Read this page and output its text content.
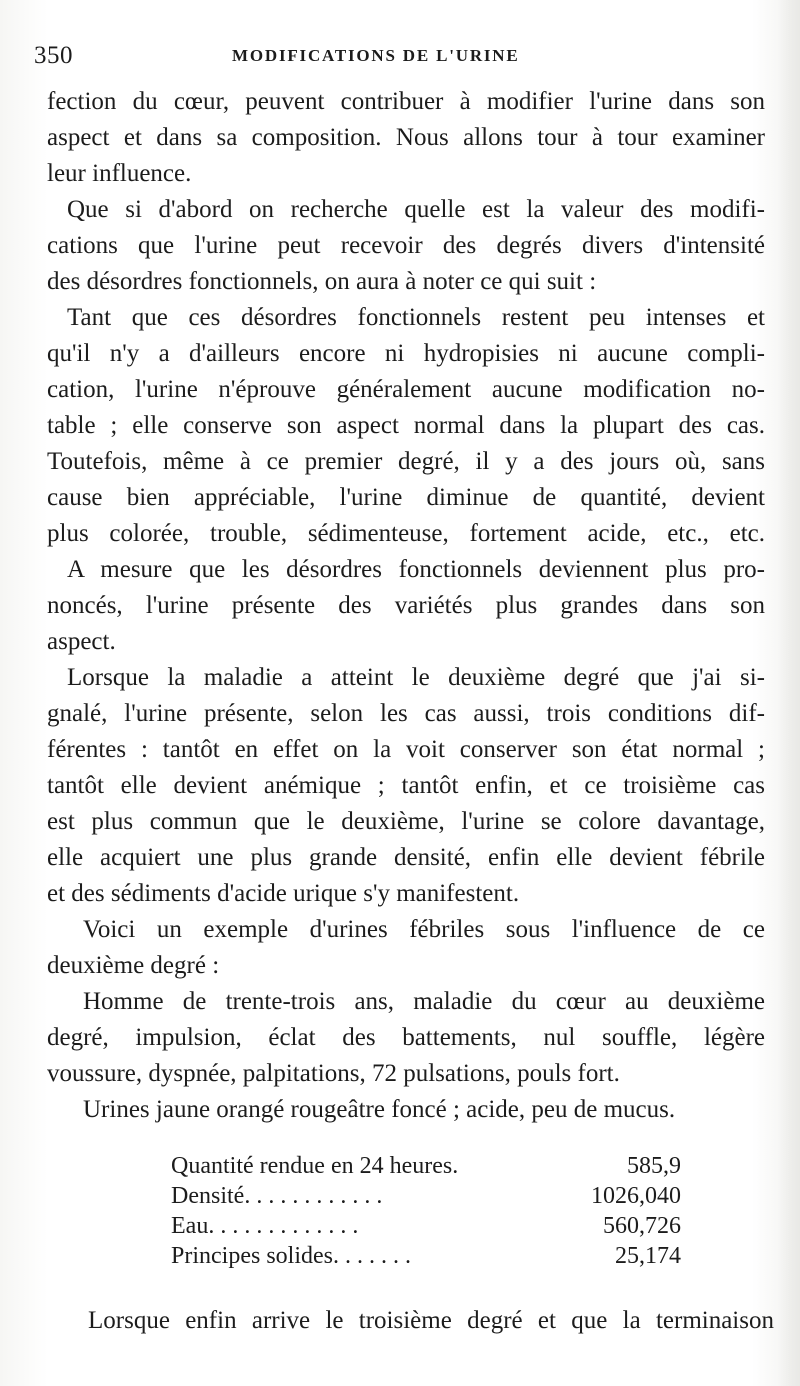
350	MODIFICATIONS DE L'URINE
fection du cœur, peuvent contribuer à modifier l'urine dans son
aspect et dans sa composition. Nous allons tour à tour examiner
leur influence.
Que si d'abord on recherche quelle est la valeur des modifi-
cations que l'urine peut recevoir des degrés divers d'intensité
des désordres fonctionnels, on aura à noter ce qui suit :
Tant que ces désordres fonctionnels restent peu intenses et
qu'il n'y a d'ailleurs encore ni hydropisies ni aucune compli-
cation, l'urine n'éprouve généralement aucune modification no-
table ; elle conserve son aspect normal dans la plupart des cas.
Toutefois, même à ce premier degré, il y a des jours où, sans
cause bien appréciable, l'urine diminue de quantité, devient
plus colorée, trouble, sédimenteuse, fortement acide, etc., etc.
A mesure que les désordres fonctionnels deviennent plus pro-
noncés, l'urine présente des variétés plus grandes dans son
aspect.
Lorsque la maladie a atteint le deuxième degré que j'ai si-
gnalé, l'urine présente, selon les cas aussi, trois conditions dif-
férentes : tantôt en effet on la voit conserver son état normal ;
tantôt elle devient anémique ; tantôt enfin, et ce troisième cas
est plus commun que le deuxième, l'urine se colore davantage,
elle acquiert une plus grande densité, enfin elle devient fébrile
et des sédiments d'acide urique s'y manifestent.
Voici un exemple d'urines fébriles sous l'influence de ce
deuxième degré :
Homme de trente-trois ans, maladie du cœur au deuxième
degré, impulsion, éclat des battements, nul souffle, légère
voussure, dyspnée, palpitations, 72 pulsations, pouls fort.
Urines jaune orangé rougeâtre foncé ; acide, peu de mucus.
Quantité rendue en 24 heures.	585,9
Densité. . . . . . . . . . . .	1026,040
Eau. . . . . . . . . . . . .	560,726
Principes solides. . . . . . .	25,174
Lorsque enfin arrive le troisième degré et que la terminaison
